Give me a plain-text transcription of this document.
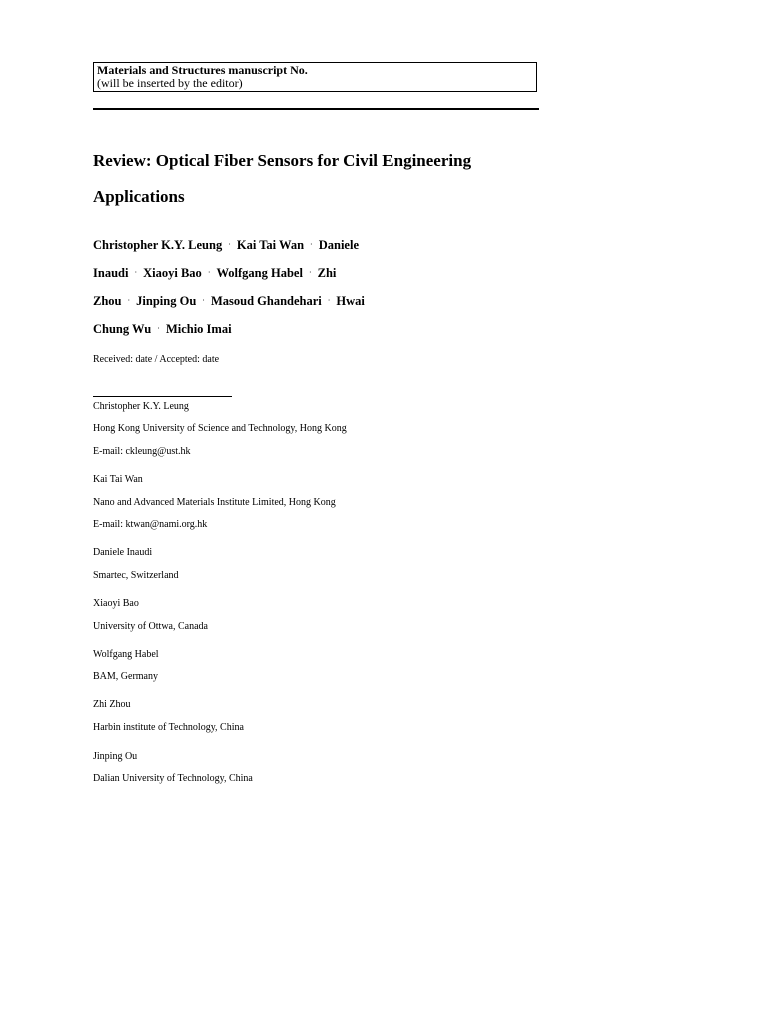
Materials and Structures manuscript No.
(will be inserted by the editor)
Review: Optical Fiber Sensors for Civil Engineering
Applications
Christopher K.Y. Leung · Kai Tai Wan · Daniele
Inaudi · Xiaoyi Bao · Wolfgang Habel · Zhi
Zhou · Jinping Ou · Masoud Ghandehari · Hwai
Chung Wu · Michio Imai
Received: date / Accepted: date
Christopher K.Y. Leung
Hong Kong University of Science and Technology, Hong Kong
E-mail: ckleung@ust.hk
Kai Tai Wan
Nano and Advanced Materials Institute Limited, Hong Kong
E-mail: ktwan@nami.org.hk
Daniele Inaudi
Smartec, Switzerland
Xiaoyi Bao
University of Ottwa, Canada
Wolfgang Habel
BAM, Germany
Zhi Zhou
Harbin institute of Technology, China
Jinping Ou
Dalian University of Technology, China
